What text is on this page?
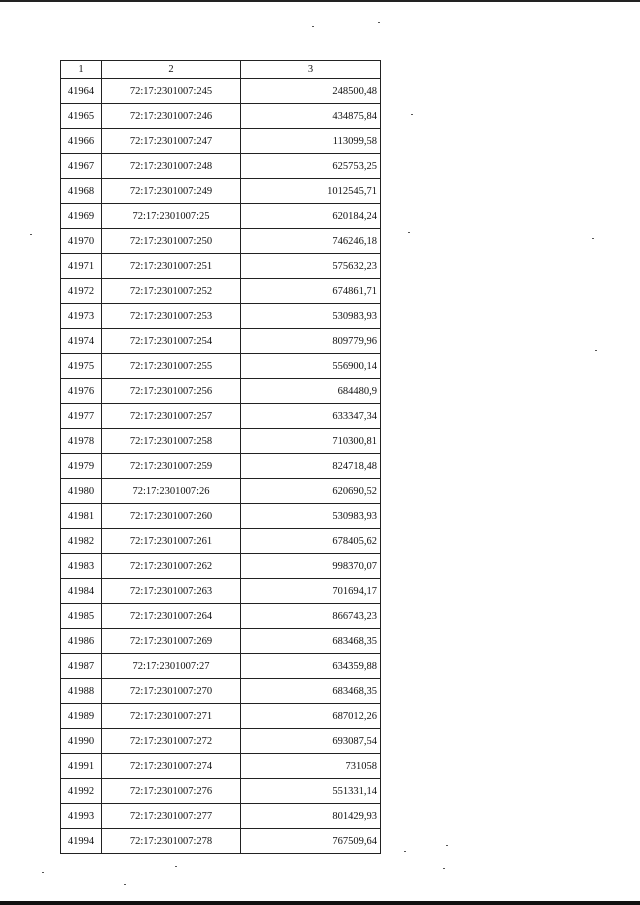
1	2	3
41964	72:17:2301007:245	248500,48
41965	72:17:2301007:246	434875,84
41966	72:17:2301007:247	113099,58
41967	72:17:2301007:248	625753,25
41968	72:17:2301007:249	1012545,71
41969	72:17:2301007:25	620184,24
41970	72:17:2301007:250	746246,18
41971	72:17:2301007:251	575632,23
41972	72:17:2301007:252	674861,71
41973	72:17:2301007:253	530983,93
41974	72:17:2301007:254	809779,96
41975	72:17:2301007:255	556900,14
41976	72:17:2301007:256	684480,9
41977	72:17:2301007:257	633347,34
41978	72:17:2301007:258	710300,81
41979	72:17:2301007:259	824718,48
41980	72:17:2301007:26	620690,52
41981	72:17:2301007:260	530983,93
41982	72:17:2301007:261	678405,62
41983	72:17:2301007:262	998370,07
41984	72:17:2301007:263	701694,17
41985	72:17:2301007:264	866743,23
41986	72:17:2301007:269	683468,35
41987	72:17:2301007:27	634359,88
41988	72:17:2301007:270	683468,35
41989	72:17:2301007:271	687012,26
41990	72:17:2301007:272	693087,54
41991	72:17:2301007:274	731058
41992	72:17:2301007:276	551331,14
41993	72:17:2301007:277	801429,93
41994	72:17:2301007:278	767509,64
